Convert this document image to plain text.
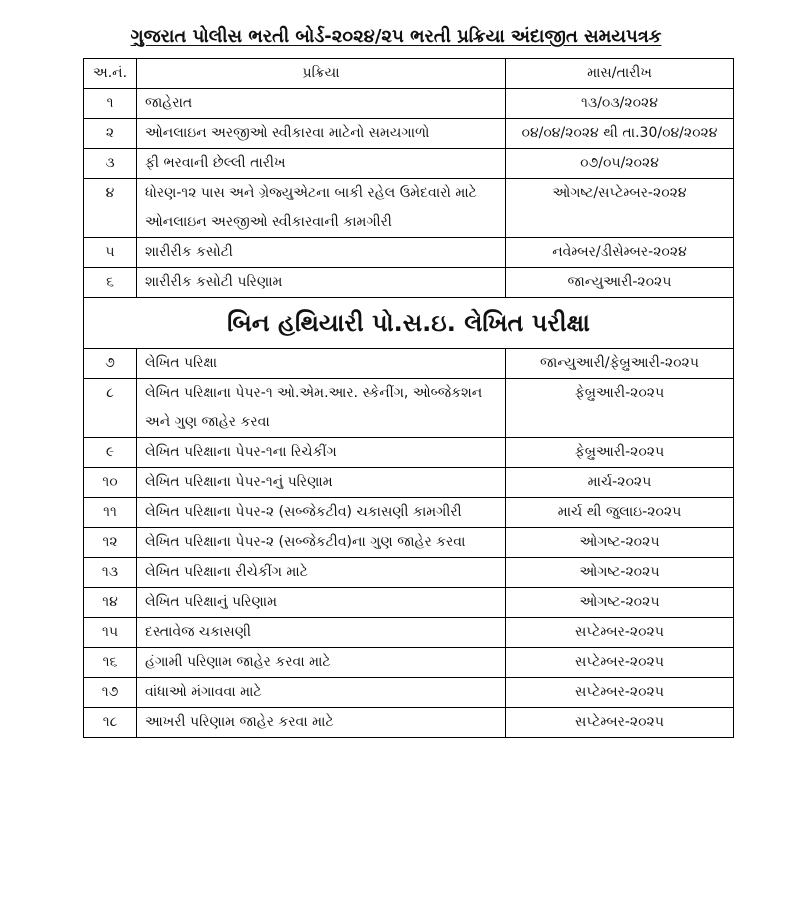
ગુજરાત પોલીસ ભરતી બોર્ડ-૨૦૨૪/૨૫ ભરતી પ્રક્રિયા અંદાજીત સમયપત્રક
અ.નં.	પ્રક્રિયા	માસ/તારીખ
૧	જાહેરાત	૧૩/૦૩/૨૦૨૪
૨	ઓનલાઇન અરજીઓ સ્વીકારવા માટેનો સમયગાળો	૦૪/૦૪/૨૦૨૪ થી તા.30/૦૪/૨૦૨૪
૩	ફી ભરવાની છેલ્લી તારીખ	૦૭/૦૫/૨૦૨૪
૪	ધોરણ-૧૨ પાસ અને ગ્રેજ્યુએટના બાકી રહેલ ઉમેદવારો માટે ઓનલાઇન અરજીઓ સ્વીકારવાની કામગીરી	ઓગષ્ટ/સપ્ટેમ્બર-૨૦૨૪
૫	શારીરીક કસોટી	નવેમ્બર/ડીસેમ્બર-૨૦૨૪
૬	શારીરીક કસોટી પરિણામ	જાન્યુઆરી-૨૦૨૫
બિન હથિયારી પો.સ.ઇ. લેખિત પરીક્ષા		
૭	લેખિત પરિક્ષા	જાન્યુઆરી/ફેબ્રુઆરી-૨૦૨૫
૮	લેખિત પરિક્ષાના પેપર-૧ ઓ.એમ.આર. સ્કેનીંગ, ઓબ્જેકશન અને ગુણ જાહેર કરવા	ફેબ્રુઆરી-૨૦૨૫
૯	લેખિત પરિક્ષાના પેપર-૧ના રિચેકીંગ	ફેબ્રુઆરી-૨૦૨૫
૧૦	લેખિત પરિક્ષાના પેપર-૧નું પરિણામ	માર્ચ-૨૦૨૫
૧૧	લેખિત પરિક્ષાના પેપર-૨ (સબ્જેકટીવ) ચકાસણી કામગીરી	માર્ચ થી જુલાઇ-૨૦૨૫
૧૨	લેખિત પરિક્ષાના પેપર-૨ (સબ્જેકટીવ)ના ગુણ જાહેર કરવા	ઓગષ્ટ-૨૦૨૫
૧૩	લેખિત પરિક્ષાના રીચેકીંગ માટે	ઓગષ્ટ-૨૦૨૫
૧૪	લેખિત પરિક્ષાનું પરિણામ	ઓગષ્ટ-૨૦૨૫
૧૫	દસ્તાવેજ ચકાસણી	સપ્ટેમ્બર-૨૦૨૫
૧૬	હંગામી પરિણામ જાહેર કરવા માટે	સપ્ટેમ્બર-૨૦૨૫
૧૭	વાંધાઓ મંગાવવા માટે	સપ્ટેમ્બર-૨૦૨૫
૧૮	આખરી પરિણામ જાહેર કરવા માટે	સપ્ટેમ્બર-૨૦૨૫
